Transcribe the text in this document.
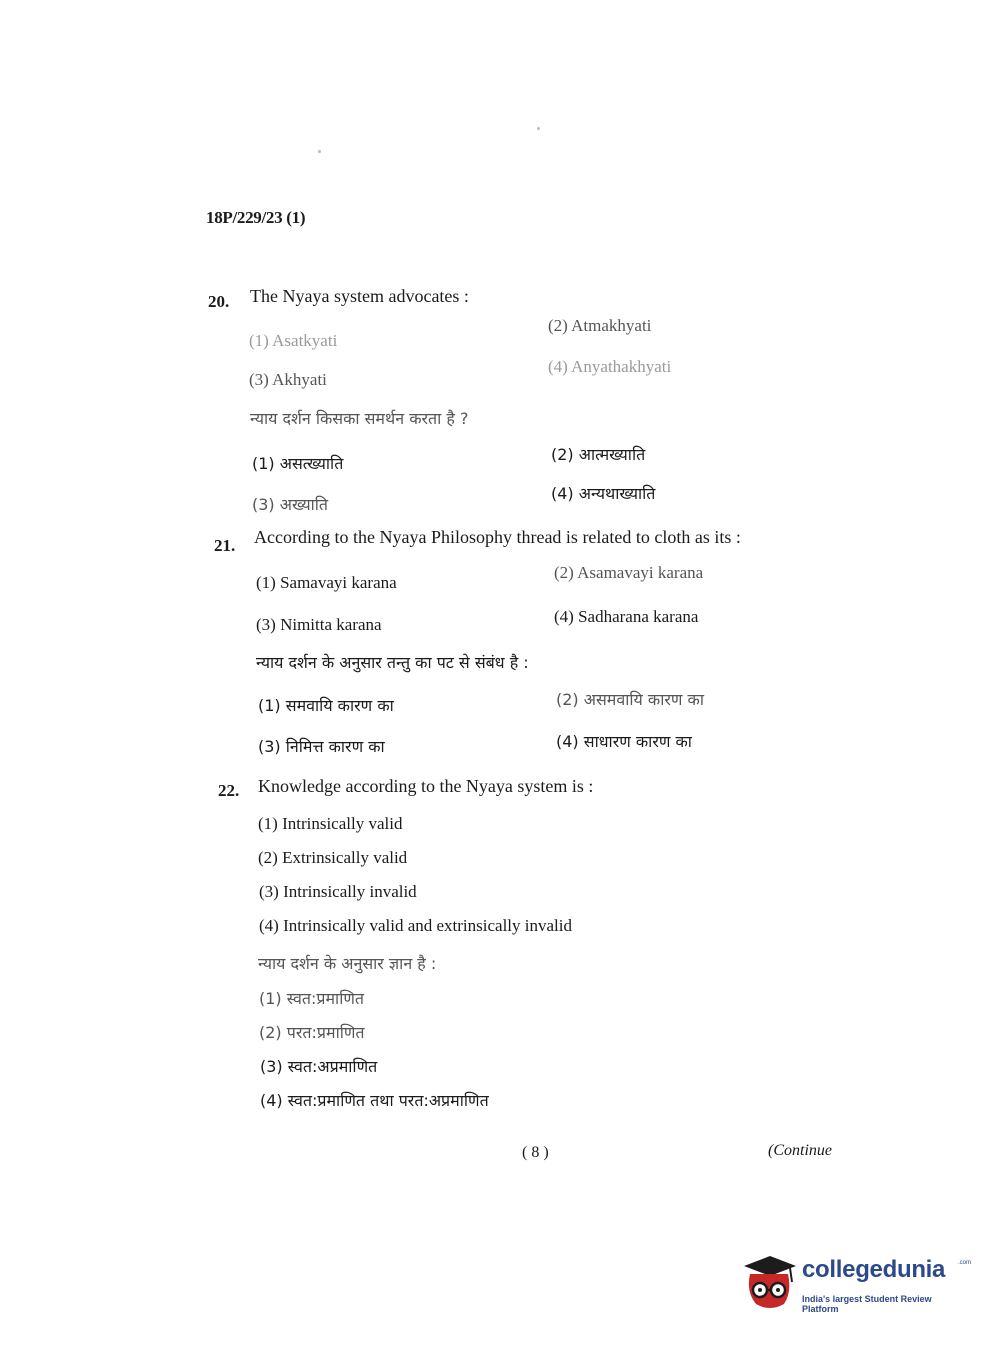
18P/229/23 (1)
20. The Nyaya system advocates :
(1) Asatkyati
(2) Atmakhyati
(3) Akhyati
(4) Anyathakhyati
न्याय दर्शन किसका समर्थन करता है ?
(1) असत्ख्याति	(2) आत्मख्याति
(3) अख्याति
(4) अन्यथाख्याति
21. According to the Nyaya Philosophy thread is related to cloth as its :
(1) Samavayi karana
(2) Asamavayi karana
(3) Nimitta karana	(4) Sadharana karana
न्याय दर्शन के अनुसार तन्तु का पट से संबंध है :
(1) समवायि कारण का	(2) असमवायि कारण का
(3) निमित्त कारण का	(4) साधारण कारण का
22. Knowledge according to the Nyaya system is :
(1) Intrinsically valid
(2) Extrinsically valid
(3) Intrinsically invalid
(4) Intrinsically valid and extrinsically invalid
न्याय दर्शन के अनुसार ज्ञान है :
(1) स्वत:प्रमाणित
(2) परत:प्रमाणित
(3) स्वत:अप्रमाणित
(4) स्वत:प्रमाणित तथा परत:अप्रमाणित
( 8 )	(Continue
collegedunia .com
India's largest Student Review Platform
